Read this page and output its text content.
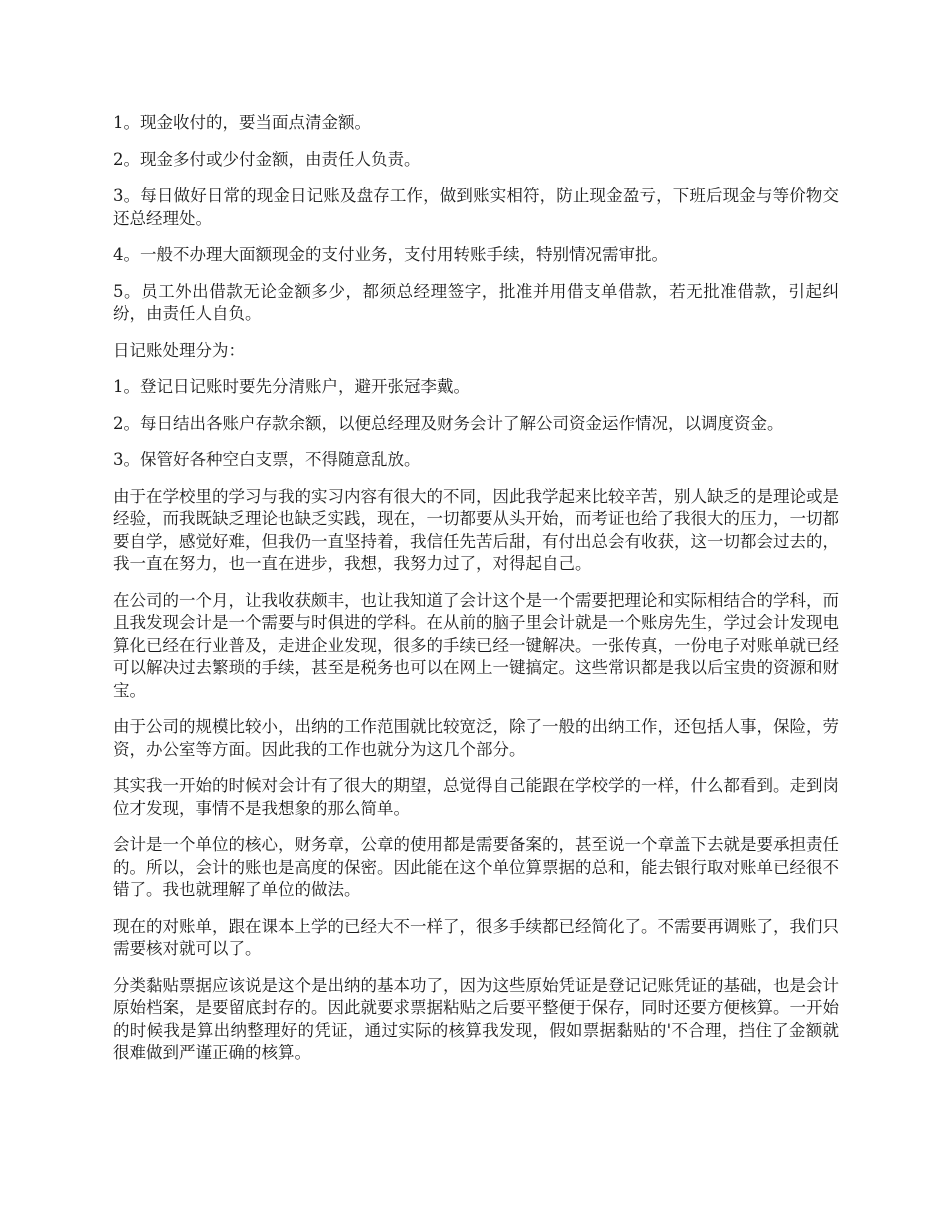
1。现金收付的，要当面点清金额。

2。现金多付或少付金额，由责任人负责。

3。每日做好日常的现金日记账及盘存工作，做到账实相符，防止现金盈亏，下班后现金与等价物交还总经理处。

4。一般不办理大面额现金的支付业务，支付用转账手续，特别情况需审批。

5。员工外出借款无论金额多少，都须总经理签字，批准并用借支单借款，若无批准借款，引起纠纷，由责任人自负。

日记账处理分为：

1。登记日记账时要先分清账户，避开张冠李戴。

2。每日结出各账户存款余额，以便总经理及财务会计了解公司资金运作情况，以调度资金。

3。保管好各种空白支票，不得随意乱放。

由于在学校里的学习与我的实习内容有很大的不同，因此我学起来比较辛苦，别人缺乏的是理论或是经验，而我既缺乏理论也缺乏实践，现在，一切都要从头开始，而考证也给了我很大的压力，一切都要自学，感觉好难，但我仍一直坚持着，我信任先苦后甜，有付出总会有收获，这一切都会过去的，我一直在努力，也一直在进步，我想，我努力过了，对得起自己。

在公司的一个月，让我收获颇丰，也让我知道了会计这个是一个需要把理论和实际相结合的学科，而且我发现会计是一个需要与时俱进的学科。在从前的脑子里会计就是一个账房先生，学过会计发现电算化已经在行业普及，走进企业发现，很多的手续已经一键解决。一张传真，一份电子对账单就已经可以解决过去繁琐的手续，甚至是税务也可以在网上一键搞定。这些常识都是我以后宝贵的资源和财宝。

由于公司的规模比较小，出纳的工作范围就比较宽泛，除了一般的出纳工作，还包括人事，保险，劳资，办公室等方面。因此我的工作也就分为这几个部分。

其实我一开始的时候对会计有了很大的期望，总觉得自己能跟在学校学的一样，什么都看到。走到岗位才发现，事情不是我想象的那么简单。

会计是一个单位的核心，财务章，公章的使用都是需要备案的，甚至说一个章盖下去就是要承担责任的。所以，会计的账也是高度的保密。因此能在这个单位算票据的总和，能去银行取对账单已经很不错了。我也就理解了单位的做法。

现在的对账单，跟在课本上学的已经大不一样了，很多手续都已经简化了。不需要再调账了，我们只需要核对就可以了。

分类黏贴票据应该说是这个是出纳的基本功了，因为这些原始凭证是登记记账凭证的基础，也是会计原始档案，是要留底封存的。因此就要求票据粘贴之后要平整便于保存，同时还要方便核算。一开始的时候我是算出纳整理好的凭证，通过实际的核算我发现，假如票据黏贴的'不合理，挡住了金额就很难做到严谨正确的核算。
